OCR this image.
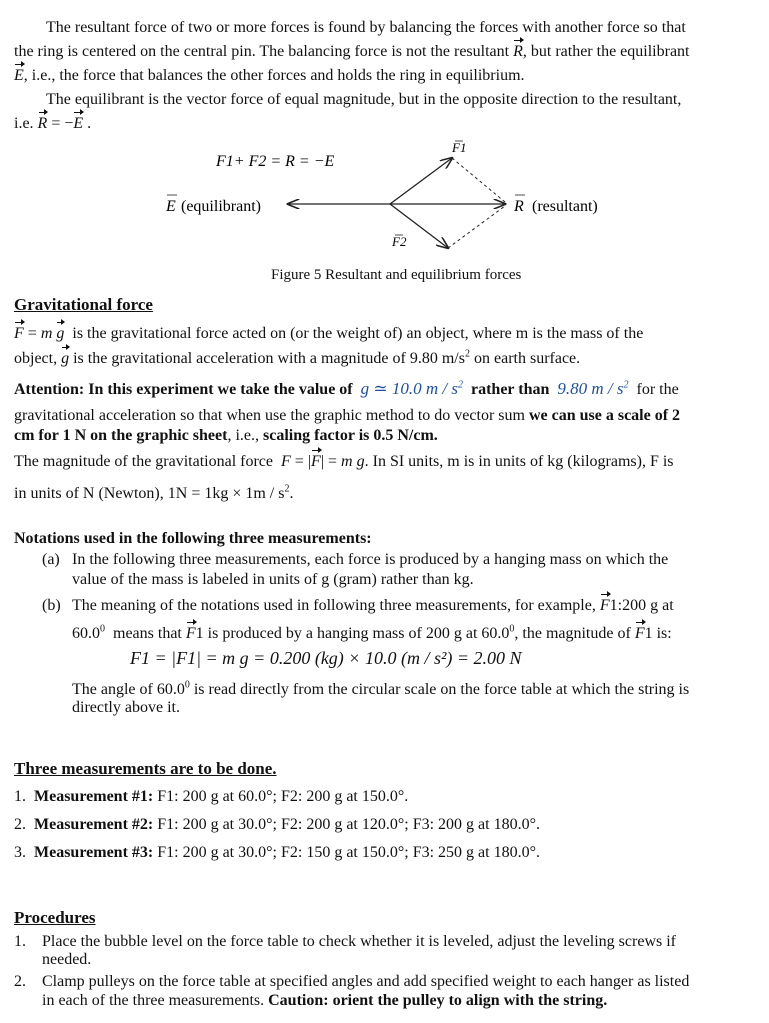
The resultant force of two or more forces is found by balancing the forces with another force so that
the ring is centered on the central pin. The balancing force is not the resultant R, but rather the equilibrant
E, i.e., the force that balances the other forces and holds the ring in equilibrium.
The equilibrant is the vector force of equal magnitude, but in the opposite direction to the resultant,
i.e. R = −E .
F1+ F2 = R = −E
F1
F2
E (equilibrant)	R (resultant)
Figure 5 Resultant and equilibrium forces
Gravitational force
F = m g is the gravitational force acted on (or the weight of) an object, where m is the mass of the
object, g is the gravitational acceleration with a magnitude of 9.80 $m/s^2$ on earth surface.
Attention: In this experiment we take the value of g ≃ 10.0 m / $s^2$ rather than 9.80 m / $s^2$ for the
gravitational acceleration so that when use the graphic method to do vector sum we can use a scale of 2
cm for 1 N on the graphic sheet, i.e., scaling factor is 0.5 N/cm.
The magnitude of the gravitational force F = |F| = m g. In SI units, m is in units of kg (kilograms), F is
in units of N (Newton), $1N = 1kg \times 1m / s^2$.
Notations used in the following three measurements:
(a) In the following three measurements, each force is produced by a hanging mass on which the
value of the mass is labeled in units of g (gram) rather than kg.
(b) The meaning of the notations used in following three measurements, for example, F1:200 g at
60.0$^0$ means that F1 is produced by a hanging mass of 200 g at 60.0$^0$, the magnitude of F1 is:
F1 = |F1| = m g = 0.200 (kg) × 10.0 (m / s²) = 2.00 N
The angle of 60.0$^0$ is read directly from the circular scale on the force table at which the string is
directly above it.
Three measurements are to be done.
1. Measurement #1: F1: 200 g at 60.0°; F2: 200 g at 150.0°.
2. Measurement #2: F1: 200 g at 30.0°; F2: 200 g at 120.0°; F3: 200 g at 180.0°.
3. Measurement #3: F1: 200 g at 30.0°; F2: 150 g at 150.0°; F3: 250 g at 180.0°.
Procedures
1. Place the bubble level on the force table to check whether it is leveled, adjust the leveling screws if
needed.
2. Clamp pulleys on the force table at specified angles and add specified weight to each hanger as listed
in each of the three measurements. Caution: orient the pulley to align with the string.
